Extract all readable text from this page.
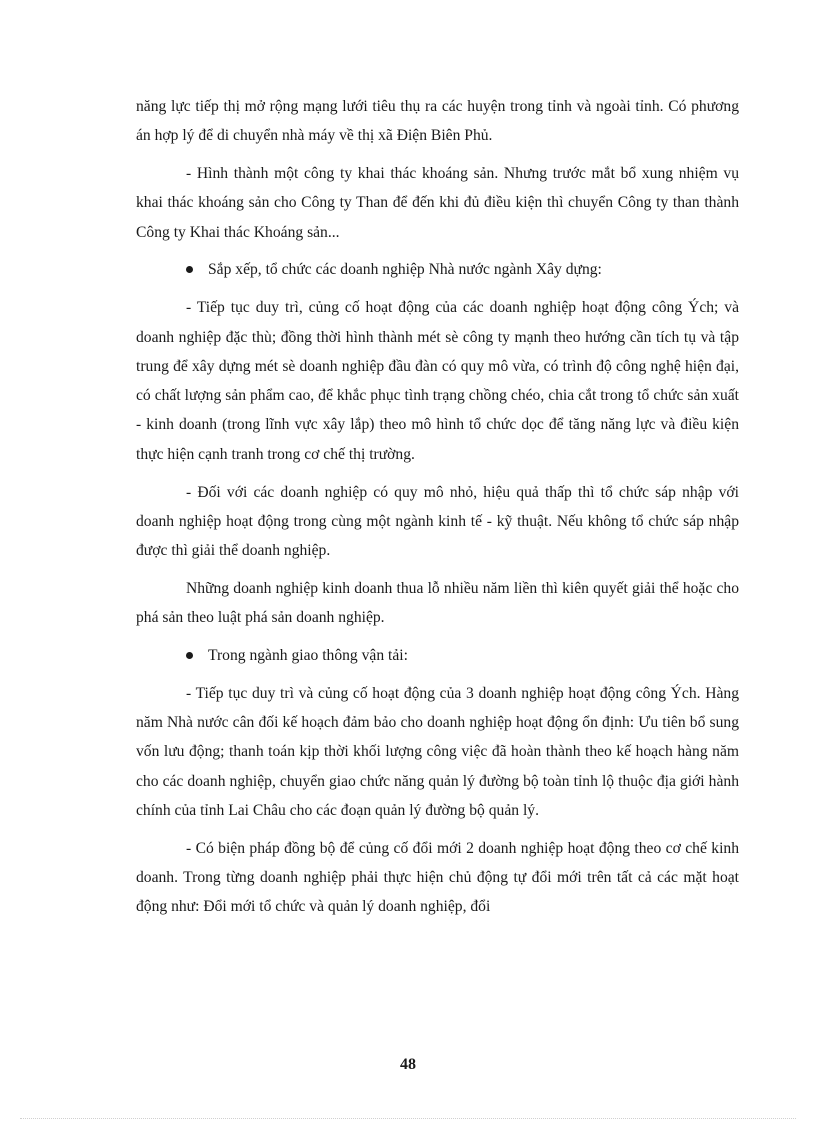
năng lực tiếp thị mở rộng mạng lưới tiêu thụ ra các huyện trong tỉnh và ngoài tỉnh. Có phương án hợp lý để di chuyển nhà máy về thị xã Điện Biên Phủ.

- Hình thành một công ty khai thác khoáng sản. Nhưng trước mắt bổ xung nhiệm vụ khai thác khoáng sản cho Công ty Than để đến khi đủ điều kiện thì chuyển Công ty than thành Công ty Khai thác Khoáng sản...

Sắp xếp, tổ chức các doanh nghiệp Nhà nước ngành Xây dựng:

- Tiếp tục duy trì, củng cố hoạt động của các doanh nghiệp hoạt động công Ých; và doanh nghiệp đặc thù; đồng thời hình thành mét sè công ty mạnh theo hướng cần tích tụ và tập trung để xây dựng mét sè doanh nghiệp đầu đàn có quy mô vừa, có trình độ công nghệ hiện đại, có chất lượng sản phẩm cao, để khắc phục tình trạng chồng chéo, chia cắt trong tổ chức sản xuất - kinh doanh (trong lĩnh vực xây lắp) theo mô hình tổ chức dọc để tăng năng lực và điều kiện thực hiện cạnh tranh trong cơ chế thị trường.

- Đối với các doanh nghiệp có quy mô nhỏ, hiệu quả thấp thì tổ chức sáp nhập với doanh nghiệp hoạt động trong cùng một ngành kinh tế - kỹ thuật. Nếu không tổ chức sáp nhập được thì giải thể doanh nghiệp.

Những doanh nghiệp kinh doanh thua lỗ nhiều năm liền thì kiên quyết giải thể hoặc cho phá sản theo luật phá sản doanh nghiệp.

Trong ngành giao thông vận tải:

- Tiếp tục duy trì và củng cố hoạt động của 3 doanh nghiệp hoạt động công Ých. Hàng năm Nhà nước cân đối kế hoạch đảm bảo cho doanh nghiệp hoạt động ổn định: Ưu tiên bổ sung vốn lưu động; thanh toán kịp thời khối lượng công việc đã hoàn thành theo kế hoạch hàng năm cho các doanh nghiệp, chuyển giao chức năng quản lý đường bộ toàn tỉnh lộ thuộc địa giới hành chính của tỉnh Lai Châu cho các đoạn quản lý đường bộ quản lý.

- Có biện pháp đồng bộ để củng cố đổi mới 2 doanh nghiệp hoạt động theo cơ chế kinh doanh. Trong từng doanh nghiệp phải thực hiện chủ động tự đổi mới trên tất cả các mặt hoạt động như: Đổi mới tổ chức và quản lý doanh nghiệp, đổi

48
